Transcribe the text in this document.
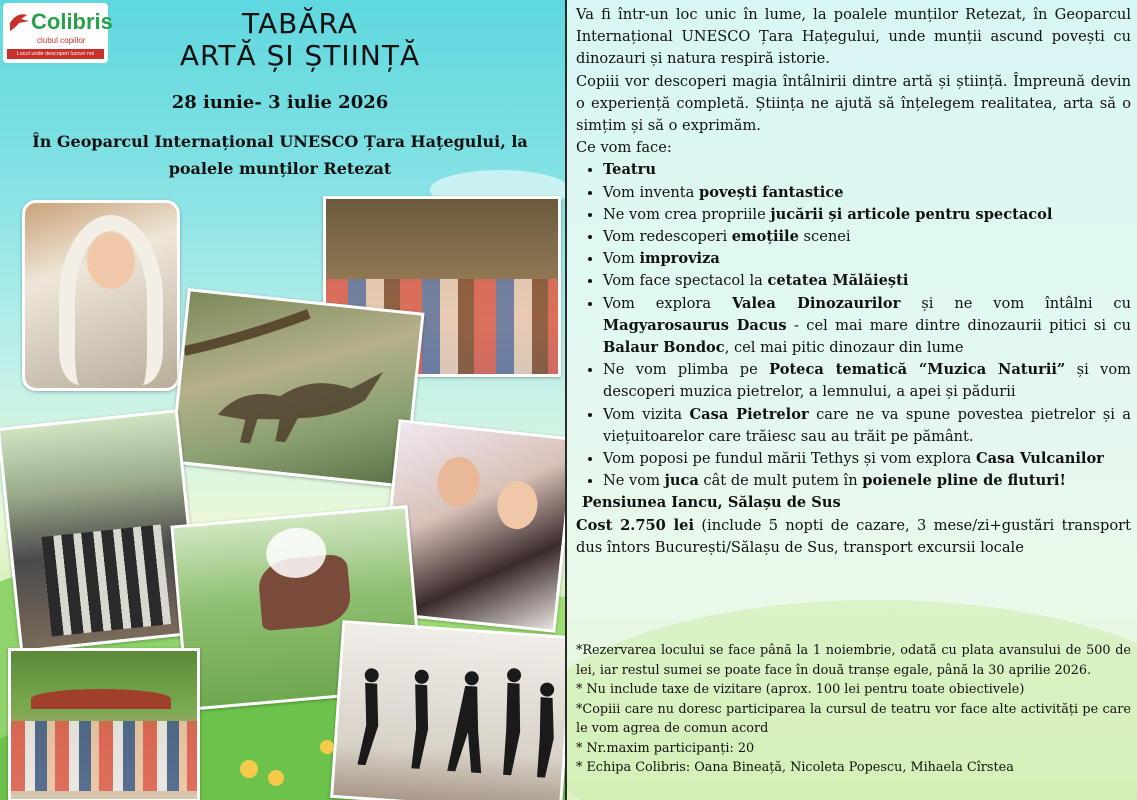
Colibris
clubul copiilor
Locul unde descoperi lucruri noi
TABĂRA
ARTĂ ȘI ȘTIINȚĂ
28 iunie- 3 iulie 2026
În Geoparcul Internațional UNESCO Țara Hațegului, la poalele munților Retezat

Va fi într-un loc unic în lume, la poalele munților Retezat, în Geoparcul Internațional UNESCO Țara Hațegului, unde munții ascund povești cu dinozauri și natura respiră istorie.

Copiii vor descoperi magia întâlnirii dintre artă și știință. Împreună devin o experiență completă. Știința ne ajută să înțelegem realitatea, arta să o simțim și să o exprimăm.

Ce vom face:

• Teatru
• Vom inventa povești fantastice
• Ne vom crea propriile jucării și articole pentru spectacol
• Vom redescoperi emoțiile scenei
• Vom improviza
• Vom face spectacol la cetatea Mălăiești
• Vom explora Valea Dinozaurilor și ne vom întâlni cu Magyarosaurus Dacus - cel mai mare dintre dinozaurii pitici si cu Balaur Bondoc, cel mai pitic dinozaur din lume
• Ne vom plimba pe Poteca tematică “Muzica Naturii” și vom descoperi muzica pietrelor, a lemnului, a apei și pădurii
• Vom vizita Casa Pietrelor care ne va spune povestea pietrelor și a viețuitoarelor care trăiesc sau au trăit pe pământ.
• Vom poposi pe fundul mării Tethys și vom explora Casa Vulcanilor
• Ne vom juca cât de mult putem în poienele pline de fluturi!

Pensiunea Iancu, Sălașu de Sus

Cost 2.750 lei (include 5 nopti de cazare, 3 mese/zi+gustări transport dus întors București/Sălașu de Sus, transport excursii locale

*Rezervarea locului se face până la 1 noiembrie, odată cu plata avansului de 500 de lei, iar restul sumei se poate face în două tranșe egale, până la 30 aprilie 2026.

* Nu include taxe de vizitare (aprox. 100 lei pentru toate obiectivele)

*Copiii care nu doresc participarea la cursul de teatru vor face alte activități pe care le vom agrea de comun acord

* Nr.maxim participanți: 20

* Echipa Colibris: Oana Bineață, Nicoleta Popescu, Mihaela Cîrstea
